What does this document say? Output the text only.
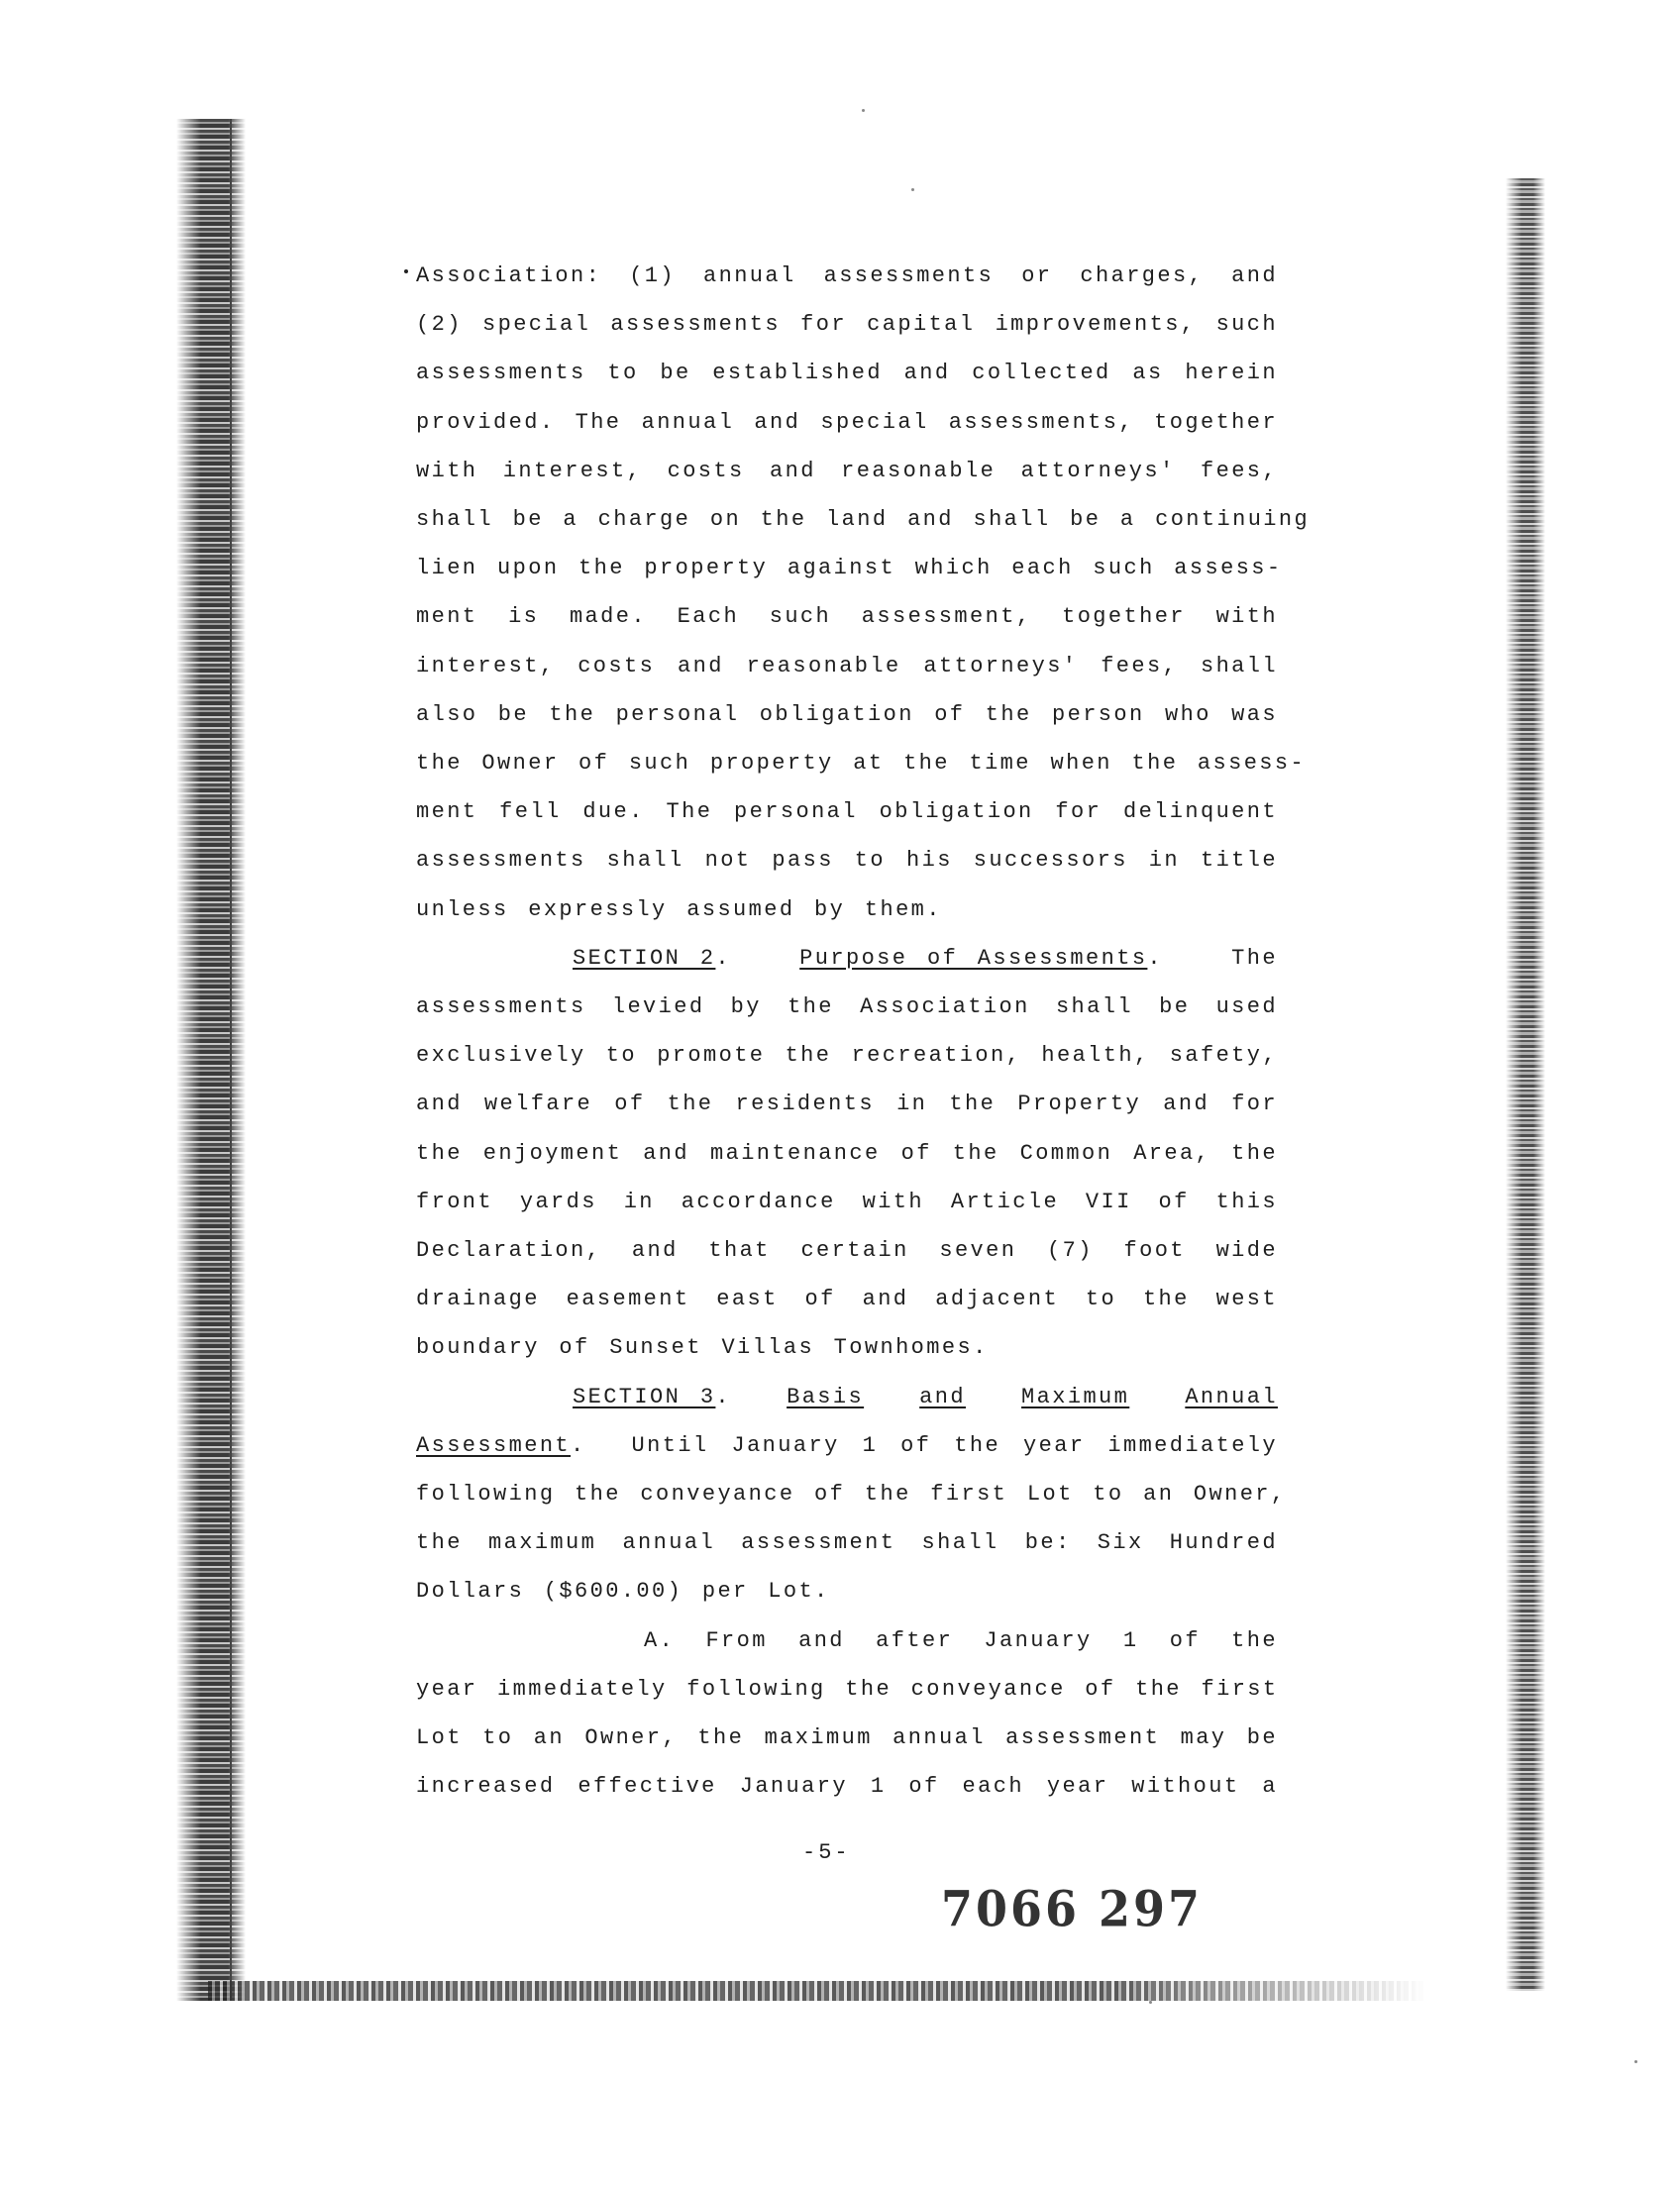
Association: (1) annual assessments or charges, and
(2) special assessments for capital improvements, such
assessments to be established and collected as herein
provided. The annual and special assessments, together
with interest, costs and reasonable attorneys' fees,
shall be a charge on the land and shall be a continuing
lien upon the property against which each such assess-
ment is made. Each such assessment, together with
interest, costs and reasonable attorneys' fees, shall
also be the personal obligation of the person who was
the Owner of such property at the time when the assess-
ment fell due. The personal obligation for delinquent
assessments shall not pass to his successors in title
unless expressly assumed by them.
SECTION 2.	Purpose of Assessments.	The
assessments levied by the Association shall be used
exclusively to promote the recreation, health, safety,
and welfare of the residents in the Property and for
the enjoyment and maintenance of the Common Area, the
front yards in accordance with Article VII of this
Declaration, and that certain seven (7) foot wide
drainage easement east of and adjacent to the west
boundary of Sunset Villas Townhomes.
SECTION 3.	Basis	and	Maximum	Annual
Assessment.  Until January 1 of the year immediately
following the conveyance of the first Lot to an Owner,
the maximum annual assessment shall be: Six Hundred
Dollars ($600.00) per Lot.
A. From and after January 1 of the
year immediately following the conveyance of the first
Lot to an Owner, the maximum annual assessment may be
increased effective January 1 of each year without a
-5-
7066 297
